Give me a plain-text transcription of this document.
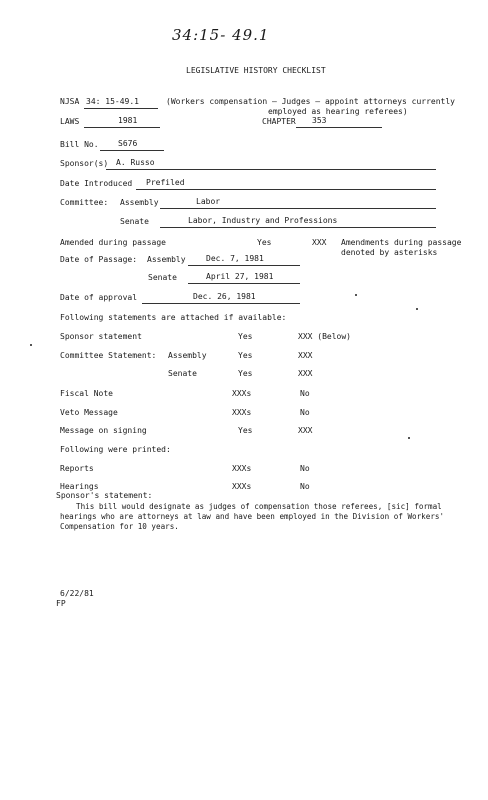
34:15- 49.1
LEGISLATIVE HISTORY CHECKLIST
NJSA 34: 15-49.1	(Workers compensation — Judges — appoint attorneys currently
employed as hearing referees)
LAWS	1981	CHAPTER 353
Bill No. S676
Sponsor(s) A. Russo
Date Introduced Prefiled
Committee: Assembly	Labor
Senate	Labor, Industry and Professions
Amended during passage	Yes	XXX Amendments during passage
denoted by asterisks
Date of Passage: Assembly	Dec. 7, 1981
Senate	April 27, 1981
Date of approval	Dec. 26, 1981
Following statements are attached if available:
Sponsor statement	Yes	XXX (Below)
Committee Statement: Assembly	Yes	XXX
Senate	Yes	XXX
Fiscal Note	XXXs	No
Veto Message	XXXs	No
Message on signing	Yes	XXX
Following were printed:
Reports	XXXs	No
Hearings	XXXs	No
Sponsor's statement:
This bill would designate as judges of compensation those referees, [sic] formal
hearings who are attorneys at law and have been employed in the Division of Workers'
Compensation for 10 years.
6/22/81
FP
